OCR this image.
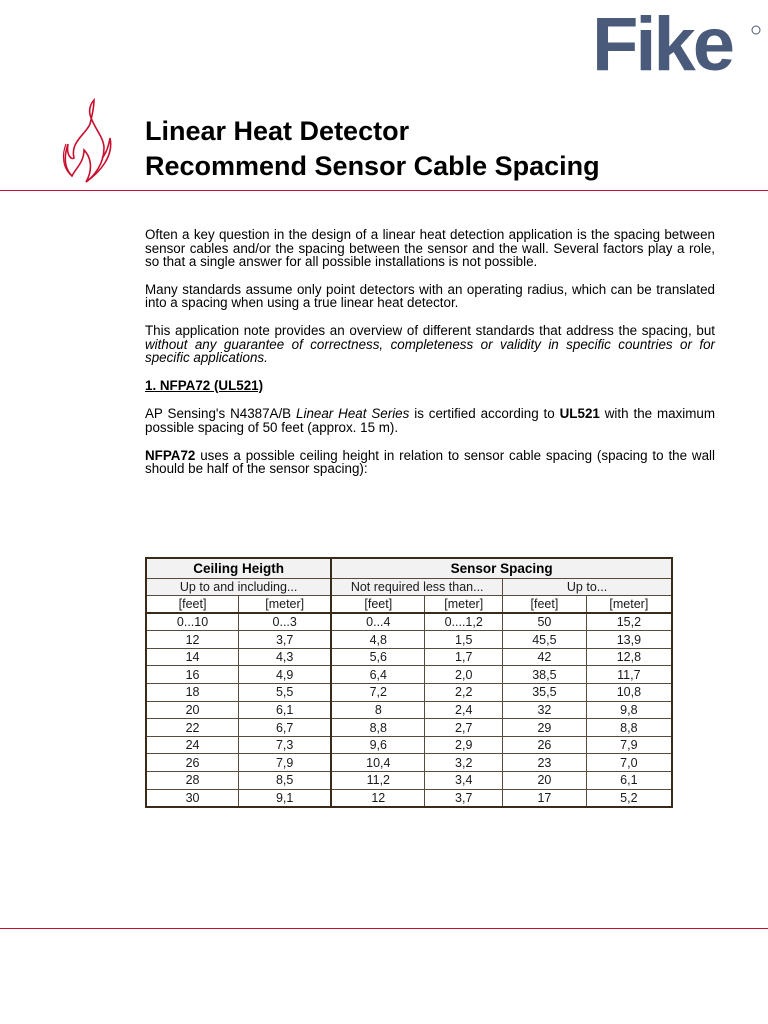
Fike
Linear Heat Detector
Recommend Sensor Cable Spacing

Often a key question in the design of a linear heat detection application is the spacing between sensor cables and/or the spacing between the sensor and the wall. Several factors play a role, so that a single answer for all possible installations is not possible.

Many standards assume only point detectors with an operating radius, which can be translated into a spacing when using a true linear heat detector.

This application note provides an overview of different standards that address the spacing, but without any guarantee of correctness, completeness or validity in specific countries or for specific applications.

1. NFPA72 (UL521)

AP Sensing's N4387A/B Linear Heat Series is certified according to UL521 with the maximum possible spacing of 50 feet (approx. 15 m).

NFPA72 uses a possible ceiling height in relation to sensor cable spacing (spacing to the wall should be half of the sensor spacing):

Ceiling Heigth		Sensor Spacing			
Up to and including...		Not required less than...		Up to...	
[feet]	[meter]	[feet]	[meter]	[feet]	[meter]
0...10	0...3	0...4	0....1,2	50	15,2
12	3,7	4,8	1,5	45,5	13,9
14	4,3	5,6	1,7	42	12,8
16	4,9	6,4	2,0	38,5	11,7
18	5,5	7,2	2,2	35,5	10,8
20	6,1	8	2,4	32	9,8
22	6,7	8,8	2,7	29	8,8
24	7,3	9,6	2,9	26	7,9
26	7,9	10,4	3,2	23	7,0
28	8,5	11,2	3,4	20	6,1
30	9,1	12	3,7	17	5,2
